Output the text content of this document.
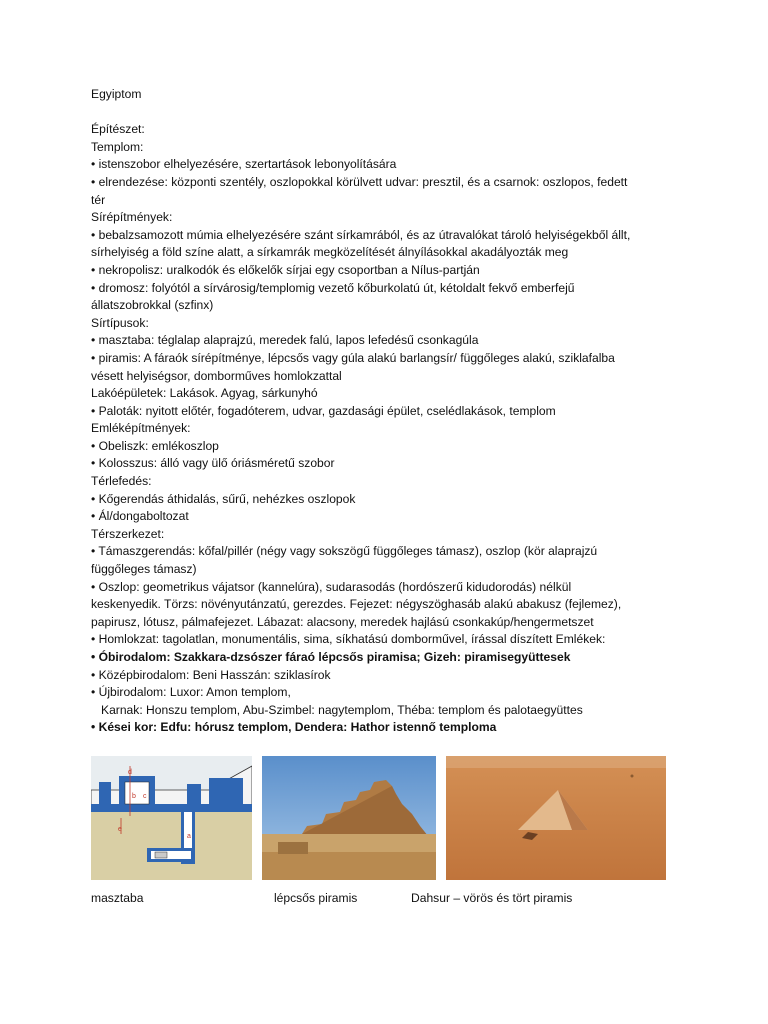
Egyiptom

Építészet:

Templom:

• istenszobor elhelyezésére, szertartások lebonyolítására

• elrendezése: központi szentély, oszlopokkal körülvett udvar: presztil, és a csarnok: oszlopos, fedett

tér

Sírépítmények:

• bebalzsamozott múmia elhelyezésére szánt sírkamrából, és az útravalókat tároló helyiségekből állt,

sírhelyiség a föld színe alatt, a sírkamrák megközelítését álnyílásokkal akadályozták meg

• nekropolisz: uralkodók és előkelők sírjai egy csoportban a Nílus-partján

• dromosz: folyótól a sírvárosig/templomig vezető kőburkolatú út, kétoldalt fekvő emberfejű

állatszobrokkal (szfinx)

Sírtípusok:

• masztaba: téglalap alaprajzú, meredek falú, lapos lefedésű csonkagúla

• piramis: A fáraók sírépítménye, lépcsős vagy gúla alakú barlangsír/ függőleges alakú, sziklafalba

vésett helyiségsor, domborműves homlokzattal

Lakóépületek: Lakások. Agyag, sárkunyhó

• Paloták: nyitott előtér, fogadóterem, udvar, gazdasági épület, cselédlakások, templom

Emléképítmények:

• Obeliszk: emlékoszlop

• Kolosszus: álló vagy ülő óriásméretű szobor

Térlefedés:

• Kőgerendás áthidalás, sűrű, nehézkes oszlopok

• Ál/dongaboltozat

Térszerkezet:

• Támaszgerendás: kőfal/pillér (négy vagy sokszögű függőleges támasz), oszlop (kör alaprajzú

függőleges támasz)

• Oszlop: geometrikus vájatsor (kannelúra), sudarasodás (hordószerű kidudorodás) nélkül

keskenyedik. Törzs: növényutánzatú, gerezdes. Fejezet: négyszöghasáb alakú abakusz (fejlemez),

papirusz, lótusz, pálmafejezet. Lábazat: alacsony, meredek hajlású csonkakúp/hengermetszet

• Homlokzat: tagolatlan, monumentális, sima, síkhatású domborművel, írással díszített Emlékek:

• Óbirodalom: Szakkara-dzsószer fáraó lépcsős piramisa; Gizeh: piramisegyüttesek

• Középbirodalom: Beni Hasszán: sziklasírok

• Újbirodalom: Luxor: Amon templom,

Karnak: Honszu templom, Abu-Szimbel: nagytemplom, Théba: templom és palotaegyüttes

• Kései kor: Edfu: hórusz templom, Dendera: Hathor istennő temploma

d
c
b
a
e
masztaba	lépcsős piramis	Dahsur – vörös és tört piramis
